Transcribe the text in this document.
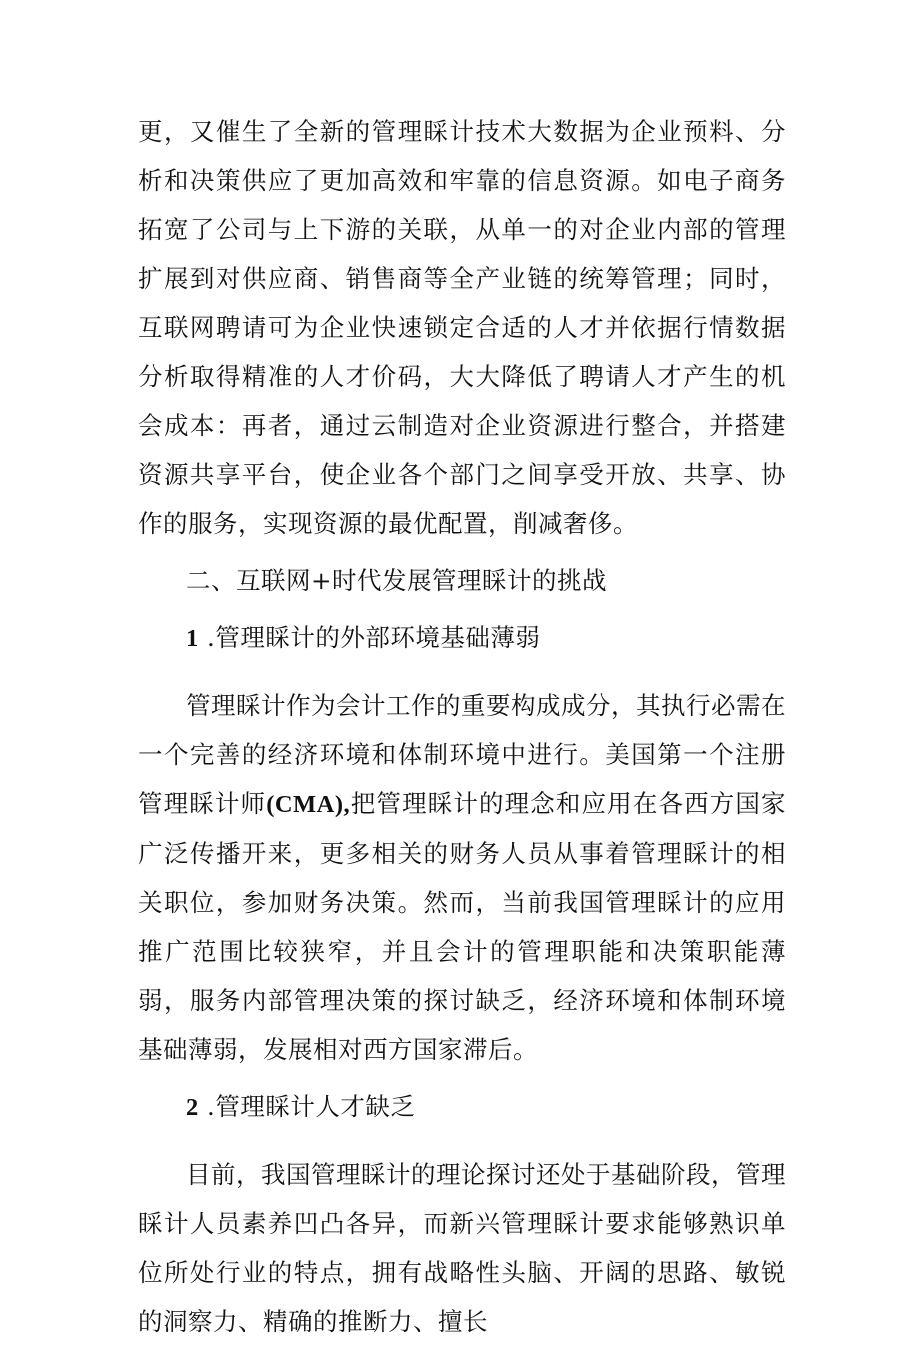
更，又催生了全新的管理睬计技术大数据为企业预料、分析和决策供应了更加高效和牢靠的信息资源。如电子商务拓宽了公司与上下游的关联，从单一的对企业内部的管理扩展到对供应商、销售商等全产业链的统筹管理；同时，互联网聘请可为企业快速锁定合适的人才并依据行情数据分析取得精准的人才价码，大大降低了聘请人才产生的机会成本：再者，通过云制造对企业资源进行整合，并搭建资源共享平台，使企业各个部门之间享受开放、共享、协作的服务，实现资源的最优配置，削减奢侈。

二、互联网+时代发展管理睬计的挑战

1 .管理睬计的外部环境基础薄弱

管理睬计作为会计工作的重要构成成分，其执行必需在一个完善的经济环境和体制环境中进行。美国第一个注册管理睬计师(CMA),把管理睬计的理念和应用在各西方国家广泛传播开来，更多相关的财务人员从事着管理睬计的相关职位，参加财务决策。然而，当前我国管理睬计的应用推广范围比较狭窄，并且会计的管理职能和决策职能薄弱，服务内部管理决策的探讨缺乏，经济环境和体制环境基础薄弱，发展相对西方国家滞后。

2 .管理睬计人才缺乏

目前，我国管理睬计的理论探讨还处于基础阶段，管理睬计人员素养凹凸各异，而新兴管理睬计要求能够熟识单位所处行业的特点，拥有战略性头脑、开阔的思路、敏锐的洞察力、精确的推断力、擅长
